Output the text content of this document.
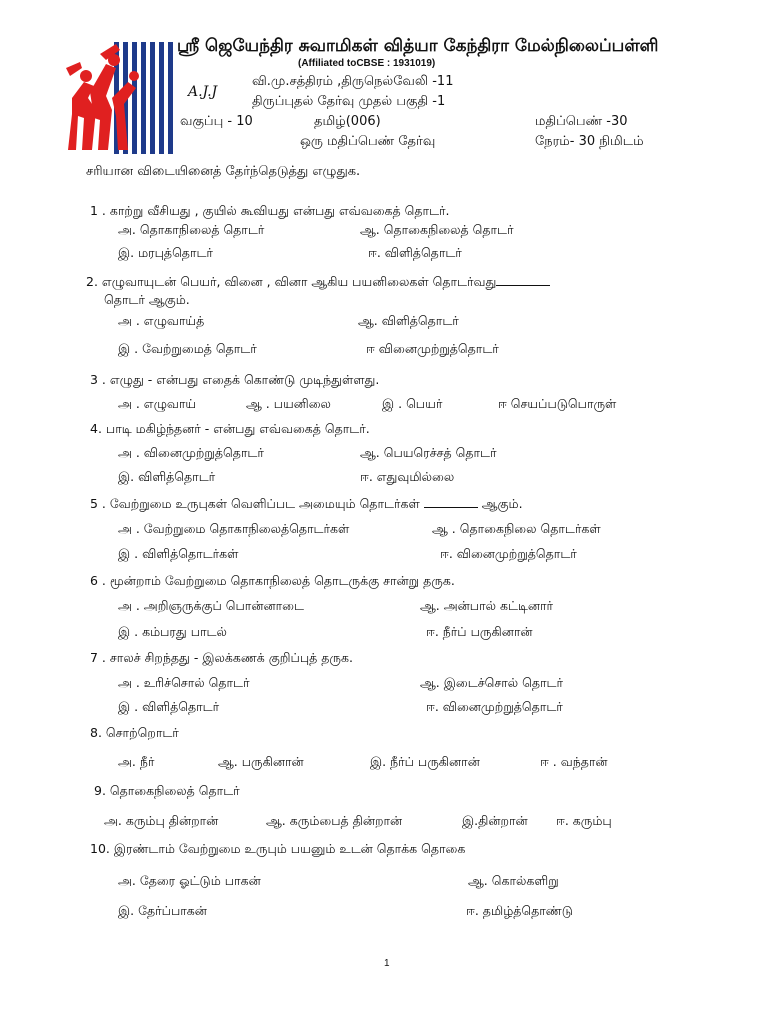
ஸ்ரீ ஜெயேந்திர சுவாமிகள் வித்யா கேந்திரா மேல்நிலைப்பள்ளி
(Affiliated toCBSE : 1931019)
A.J.J
வி.மு.சத்திரம் ,திருநெல்வேலி -11
திருப்புதல் தேர்வு முதல் பகுதி -1
வகுப்பு - 10	தமிழ்(006)	மதிப்பெண் -30
ஒரு மதிப்பெண் தேர்வு	நேரம்- 30 நிமிடம்
சரியான விடையினைத் தேர்ந்தெடுத்து எழுதுக.
1 . காற்று வீசியது , குயில் கூவியது என்பது எவ்வகைத் தொடர்.
அ. தொகாநிலைத் தொடர்	ஆ. தொகைநிலைத் தொடர்
இ. மரபுத்தொடர்	ஈ. விளித்தொடர்
2. எழுவாயுடன் பெயர், வினை , வினா ஆகிய பயனிலைகள் தொடர்வது
தொடர் ஆகும்.
அ . எழுவாய்த்	ஆ. விளித்தொடர்
இ . வேற்றுமைத் தொடர்	ஈ வினைமுற்றுத்தொடர்
3 . எழுது - என்பது எதைக் கொண்டு முடிந்துள்ளது.
அ . எழுவாய்	ஆ . பயனிலை	இ . பெயர்	ஈ செயப்படுபொருள்
4. பாடி மகிழ்ந்தனர் - என்பது எவ்வகைத் தொடர்.
அ . வினைமுற்றுத்தொடர்	ஆ. பெயரெச்சத் தொடர்
இ. விளித்தொடர்	ஈ. எதுவுமில்லை
5 . வேற்றுமை உருபுகள் வெளிப்பட அமையும் தொடர்கள்	ஆகும்.
அ . வேற்றுமை தொகாநிலைத்தொடர்கள்	ஆ . தொகைநிலை தொடர்கள்
இ . விளித்தொடர்கள்	ஈ. வினைமுற்றுத்தொடர்
6 . மூன்றாம் வேற்றுமை தொகாநிலைத் தொடருக்கு சான்று தருக.
அ . அறிஞருக்குப் பொன்னாடை	ஆ. அன்பால் கட்டினார்
இ . கம்பரது பாடல்	ஈ. நீர்ப் பருகினான்
7 . சாலச் சிறந்தது - இலக்கணக் குறிப்புத் தருக.
அ . உரிச்சொல் தொடர்	ஆ. இடைச்சொல் தொடர்
இ . விளித்தொடர்	ஈ. வினைமுற்றுத்தொடர்
8. சொற்றொடர்
அ. நீர்	ஆ. பருகினான்	இ. நீர்ப் பருகினான்	ஈ . வந்தான்
9. தொகைநிலைத் தொடர்
அ. கரும்பு தின்றான்	ஆ. கரும்பைத் தின்றான்	இ.தின்றான் ஈ. கரும்பு
10. இரண்டாம் வேற்றுமை உருபும் பயனும் உடன் தொக்க தொகை
அ. தேரை ஓட்டும் பாகன்	ஆ. கொல்களிறு
இ. தேர்ப்பாகன்	ஈ. தமிழ்த்தொண்டு
1
